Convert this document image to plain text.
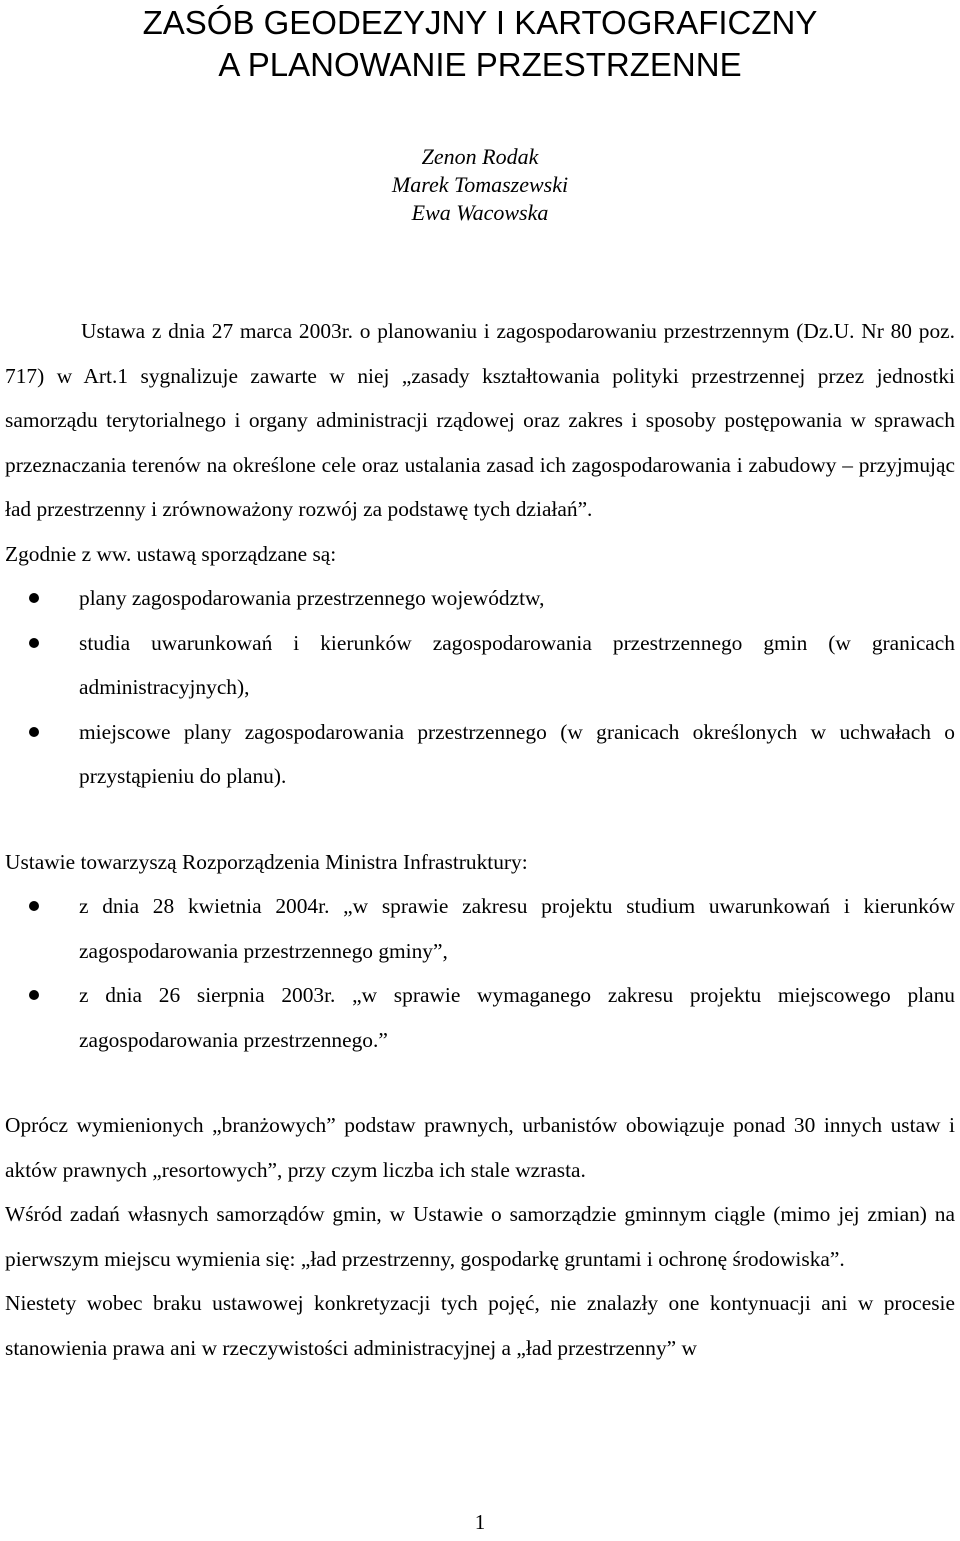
ZASÓB GEODEZYJNY I KARTOGRAFICZNY
A PLANOWANIE PRZESTRZENNE
Zenon Rodak
Marek Tomaszewski
Ewa Wacowska

Ustawa z dnia 27 marca 2003r. o planowaniu i zagospodarowaniu przestrzennym (Dz.U. Nr 80 poz. 717) w Art.1 sygnalizuje zawarte w niej „zasady kształtowania polityki przestrzennej przez jednostki samorządu terytorialnego i organy administracji rządowej oraz zakres i sposoby postępowania w sprawach przeznaczania terenów na określone cele oraz ustalania zasad ich zagospodarowania i zabudowy – przyjmując ład przestrzenny i zrównoważony rozwój za podstawę tych działań”.

Zgodnie z ww. ustawą sporządzane są:

plany zagospodarowania przestrzennego województw,
studia uwarunkowań i kierunków zagospodarowania przestrzennego gmin (w granicach administracyjnych),
miejscowe plany zagospodarowania przestrzennego (w granicach określonych w uchwałach o przystąpieniu do planu).

Ustawie towarzyszą Rozporządzenia Ministra Infrastruktury:

z dnia 28 kwietnia 2004r. „w sprawie zakresu projektu studium uwarunkowań i kierunków zagospodarowania przestrzennego gminy”,
z dnia 26 sierpnia 2003r. „w sprawie wymaganego zakresu projektu miejscowego planu zagospodarowania przestrzennego.”

Oprócz wymienionych „branżowych” podstaw prawnych, urbanistów obowiązuje ponad 30 innych ustaw i aktów prawnych „resortowych”, przy czym liczba ich stale wzrasta.

Wśród zadań własnych samorządów gmin, w Ustawie o samorządzie gminnym ciągle (mimo jej zmian) na pierwszym miejscu wymienia się: „ład przestrzenny, gospodarkę gruntami i ochronę środowiska”.

Niestety wobec braku ustawowej konkretyzacji tych pojęć, nie znalazły one kontynuacji ani w procesie stanowienia prawa ani w rzeczywistości administracyjnej a „ład przestrzenny” w

1
